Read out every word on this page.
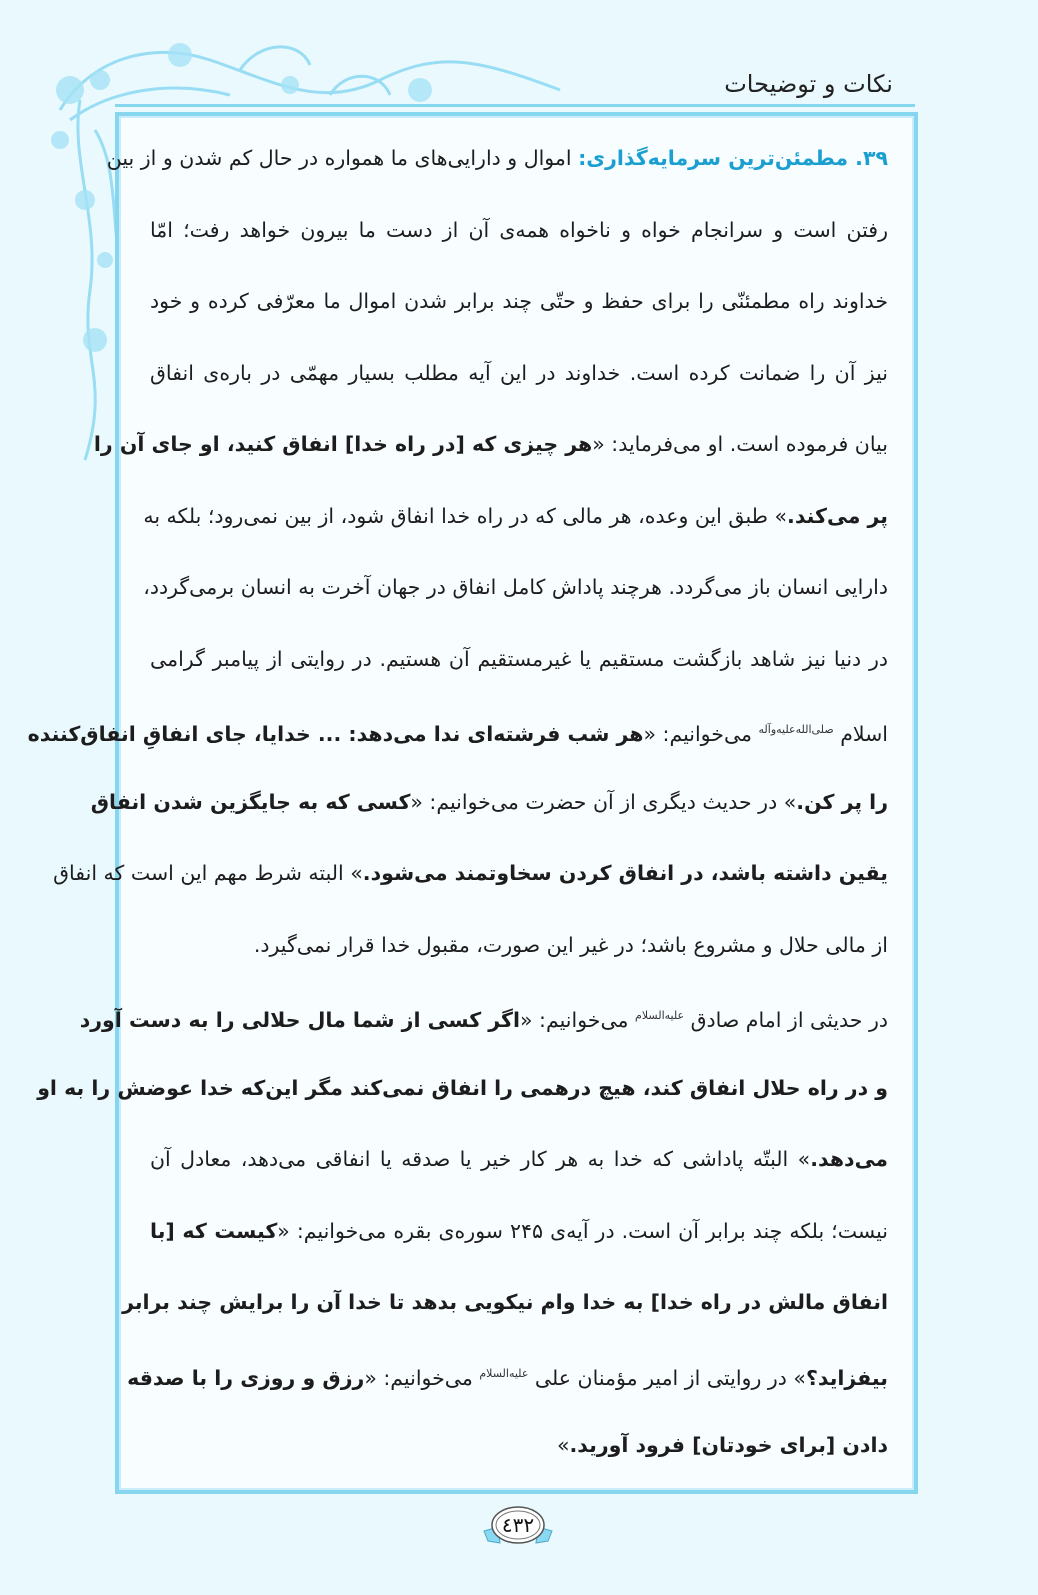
نکات و توضیحات
۳۹. مطمئن‌ترین سرمایه‌گذاری: اموال و دارایی‌های ما همواره در حال کم شدن و از بین
رفتن است و سرانجام خواه و ناخواه همه‌ی آن از دست ما بیرون خواهد رفت؛ امّا
خداوند راه مطمئنّی را برای حفظ و حتّی چند برابر شدن اموال ما معرّفی کرده و خود
نیز آن را ضمانت کرده است. خداوند در این آیه مطلب بسیار مهمّی در باره‌ی انفاق
بیان فرموده است. او می‌فرماید: «هر چیزی که [در راه خدا] انفاق کنید، او جای آن را
پر می‌کند.» طبق این وعده، هر مالی که در راه خدا انفاق شود، از بین نمی‌رود؛ بلکه به
دارایی انسان باز می‌گردد. هرچند پاداش کامل انفاق در جهان آخرت به انسان برمی‌گردد،
در دنیا نیز شاهد بازگشت مستقیم یا غیرمستقیم آن هستیم. در روایتی از پیامبر گرامی
اسلام $^{صلی‌الله‌علیه‌وآله}$ می‌خوانیم: «هر شب فرشته‌ای ندا می‌دهد: ... خدایا، جای انفاقِ انفاق‌کننده
را پر کن.» در حدیث دیگری از آن حضرت می‌خوانیم: «کسی که به جایگزین شدن انفاق
یقین داشته باشد، در انفاق کردن سخاوتمند می‌شود.» البته شرط مهم این است که انفاق
از مالی حلال و مشروع باشد؛ در غیر این صورت، مقبول خدا قرار نمی‌گیرد.
در حدیثی از امام صادق $^{علیه‌السلام}$ می‌خوانیم: «اگر کسی از شما مال حلالی را به دست آورد
و در راه حلال انفاق کند، هیچ درهمی را انفاق نمی‌کند مگر این‌که خدا عوضش را به او
می‌دهد.» البتّه پاداشی که خدا به هر کار خیر یا صدقه یا انفاقی می‌دهد، معادل آن
نیست؛ بلکه چند برابر آن است. در آیه‌ی ۲۴۵ سوره‌ی بقره می‌خوانیم: «کیست که [با
انفاق مالش در راه خدا] به خدا وام نیکویی بدهد تا خدا آن را برایش چند برابر
بیفزاید؟» در روایتی از امیر مؤمنان علی $^{علیه‌السلام}$ می‌خوانیم: «رزق و روزی را با صدقه
دادن [برای خودتان] فرود آورید.»
٤٣٢
